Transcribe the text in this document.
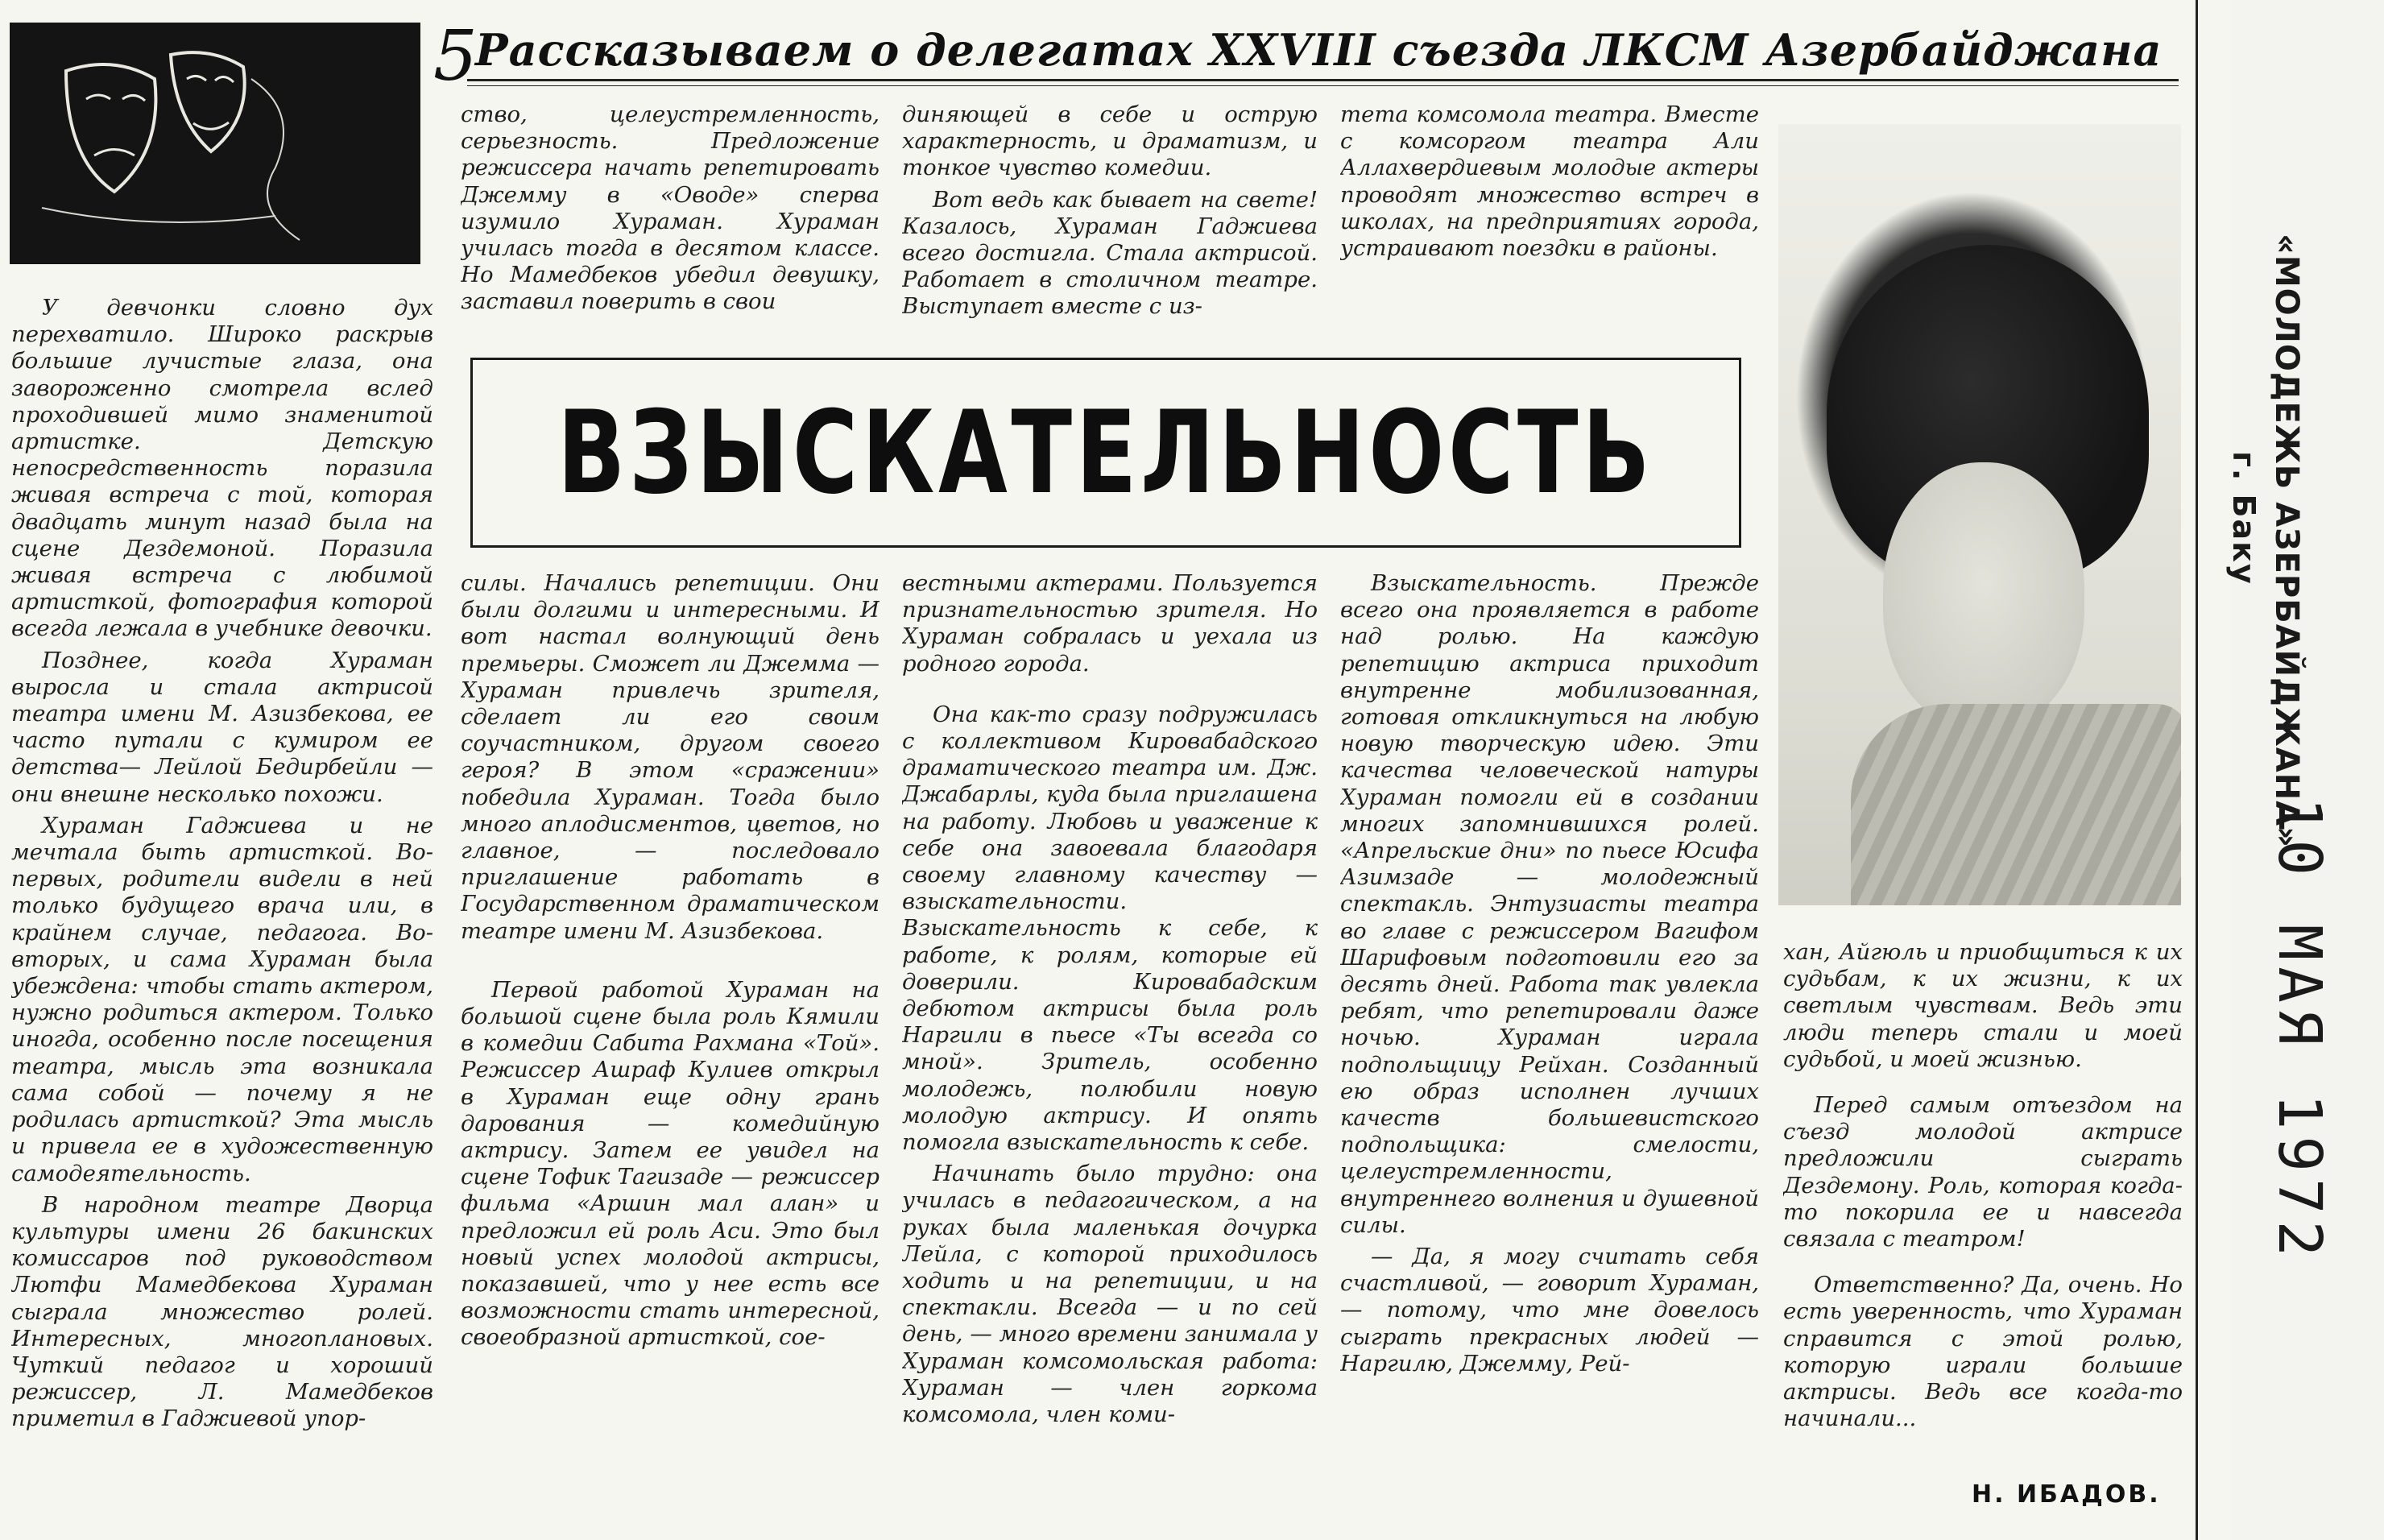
5
Рассказываем о делегатах XXVIII съезда ЛКСМ Азербайджана

У девчонки словно дух перехватило. Широко раскрыв большие лучистые глаза, она завороженно смотрела вслед проходившей мимо знаменитой артистке. Детскую непосредственность поразила живая встреча с той, которая двадцать минут назад была на сцене Дездемоной. Поразила живая встреча с любимой артисткой, фотография которой всегда лежала в учебнике девочки.

Позднее, когда Хураман выросла и стала актрисой театра имени М. Азизбекова, ее часто путали с кумиром ее детства— Лейлой Бедирбейли — они внешне несколько похожи.

Хураман Гаджиева и не мечтала быть артисткой. Во-первых, родители видели в ней только будущего врача или, в крайнем случае, педагога. Во-вторых, и сама Хураман была убеждена: чтобы стать актером, нужно родиться актером. Только иногда, особенно после посещения театра, мысль эта возникала сама собой — почему я не родилась артисткой? Эта мысль и привела ее в художественную самодеятельность.

В народном театре Дворца культуры имени 26 бакинских комиссаров под руководством Лютфи Мамедбекова Хураман сыграла множество ролей. Интересных, многоплановых. Чуткий педагог и хороший режиссер, Л. Мамедбеков приметил в Гаджиевой упор-

ство, целеустремленность, серьезность. Предложение режиссера начать репетировать Джемму в «Оводе» сперва изумило Хураман. Хураман училась тогда в десятом классе. Но Мамедбеков убедил девушку, заставил поверить в свои

диняющей в себе и острую характерность, и драматизм, и тонкое чувство комедии.

Вот ведь как бывает на свете! Казалось, Хураман Гаджиева всего достигла. Стала актрисой. Работает в столичном театре. Выступает вместе с из-

тета комсомола театра. Вместе с комсоргом театра Али Аллахвердиевым молодые актеры проводят множество встреч в школах, на предприятиях города, устраивают поездки в районы.

ВЗЫСКАТЕЛЬНОСТЬ

силы. Начались репетиции. Они были долгими и интересными. И вот настал волнующий день премьеры. Сможет ли Джемма —Хураман привлечь зрителя, сделает ли его своим соучастником, другом своего героя? В этом «сражении» победила Хураман. Тогда было много аплодисментов, цветов, но главное, — последовало приглашение работать в Государственном драматическом театре имени М. Азизбекова.

Первой работой Хураман на большой сцене была роль Кямили в комедии Сабита Рахмана «Той». Режиссер Ашраф Кулиев открыл в Хураман еще одну грань дарования — комедийную актрису. Затем ее увидел на сцене Тофик Тагизаде — режиссер фильма «Аршин мал алан» и предложил ей роль Аси. Это был новый успех молодой актрисы, показавшей, что у нее есть все возможности стать интересной, своеобразной артисткой, сое-

вестными актерами. Пользуется признательностью зрителя. Но Хураман собралась и уехала из родного города.

Она как-то сразу подружилась с коллективом Кировабадского драматического театра им. Дж. Джабарлы, куда была приглашена на работу. Любовь и уважение к себе она завоевала благодаря своему главному качеству — взыскательности. Взыскательность к себе, к работе, к ролям, которые ей доверили. Кировабадским дебютом актрисы была роль Наргили в пьесе «Ты всегда со мной». Зритель, особенно молодежь, полюбили новую молодую актрису. И опять помогла взыскательность к себе.

Начинать было трудно: она училась в педагогическом, а на руках была маленькая дочурка Лейла, с которой приходилось ходить и на репетиции, и на спектакли. Всегда — и по сей день, — много времени занимала у Хураман комсомольская работа: Хураман — член горкома комсомола, член коми-

Взыскательность. Прежде всего она проявляется в работе над ролью. На каждую репетицию актриса приходит внутренне мобилизованная, готовая откликнуться на любую новую творческую идею. Эти качества человеческой натуры Хураман помогли ей в создании многих запомнившихся ролей. «Апрельские дни» по пьесе Юсифа Азимзаде — молодежный спектакль. Энтузиасты театра во главе с режиссером Вагифом Шарифовым подготовили его за десять дней. Работа так увлекла ребят, что репетировали даже ночью. Хураман играла подпольщицу Рейхан. Созданный ею образ исполнен лучших качеств большевистского подпольщика: смелости, целеустремленности, внутреннего волнения и душевной силы.

— Да, я могу считать себя счастливой, — говорит Хураман, — потому, что мне довелось сыграть прекрасных людей — Наргилю, Джемму, Рей-

хан, Айгюль и приобщиться к их судьбам, к их жизни, к их светлым чувствам. Ведь эти люди теперь стали и моей судьбой, и моей жизнью.

Перед самым отъездом на съезд молодой актрисе предложили сыграть Дездемону. Роль, которая когда-то покорила ее и навсегда связала с театром!

Ответственно? Да, очень. Но есть уверенность, что Хураман справится с этой ролью, которую играли большие актрисы. Ведь все когда-то начинали...

Н. ИБАДОВ.
«МОЛОДЕЖЬ АЗЕРБАЙДЖАНА»
г. Баку
10 МАЯ 1972
